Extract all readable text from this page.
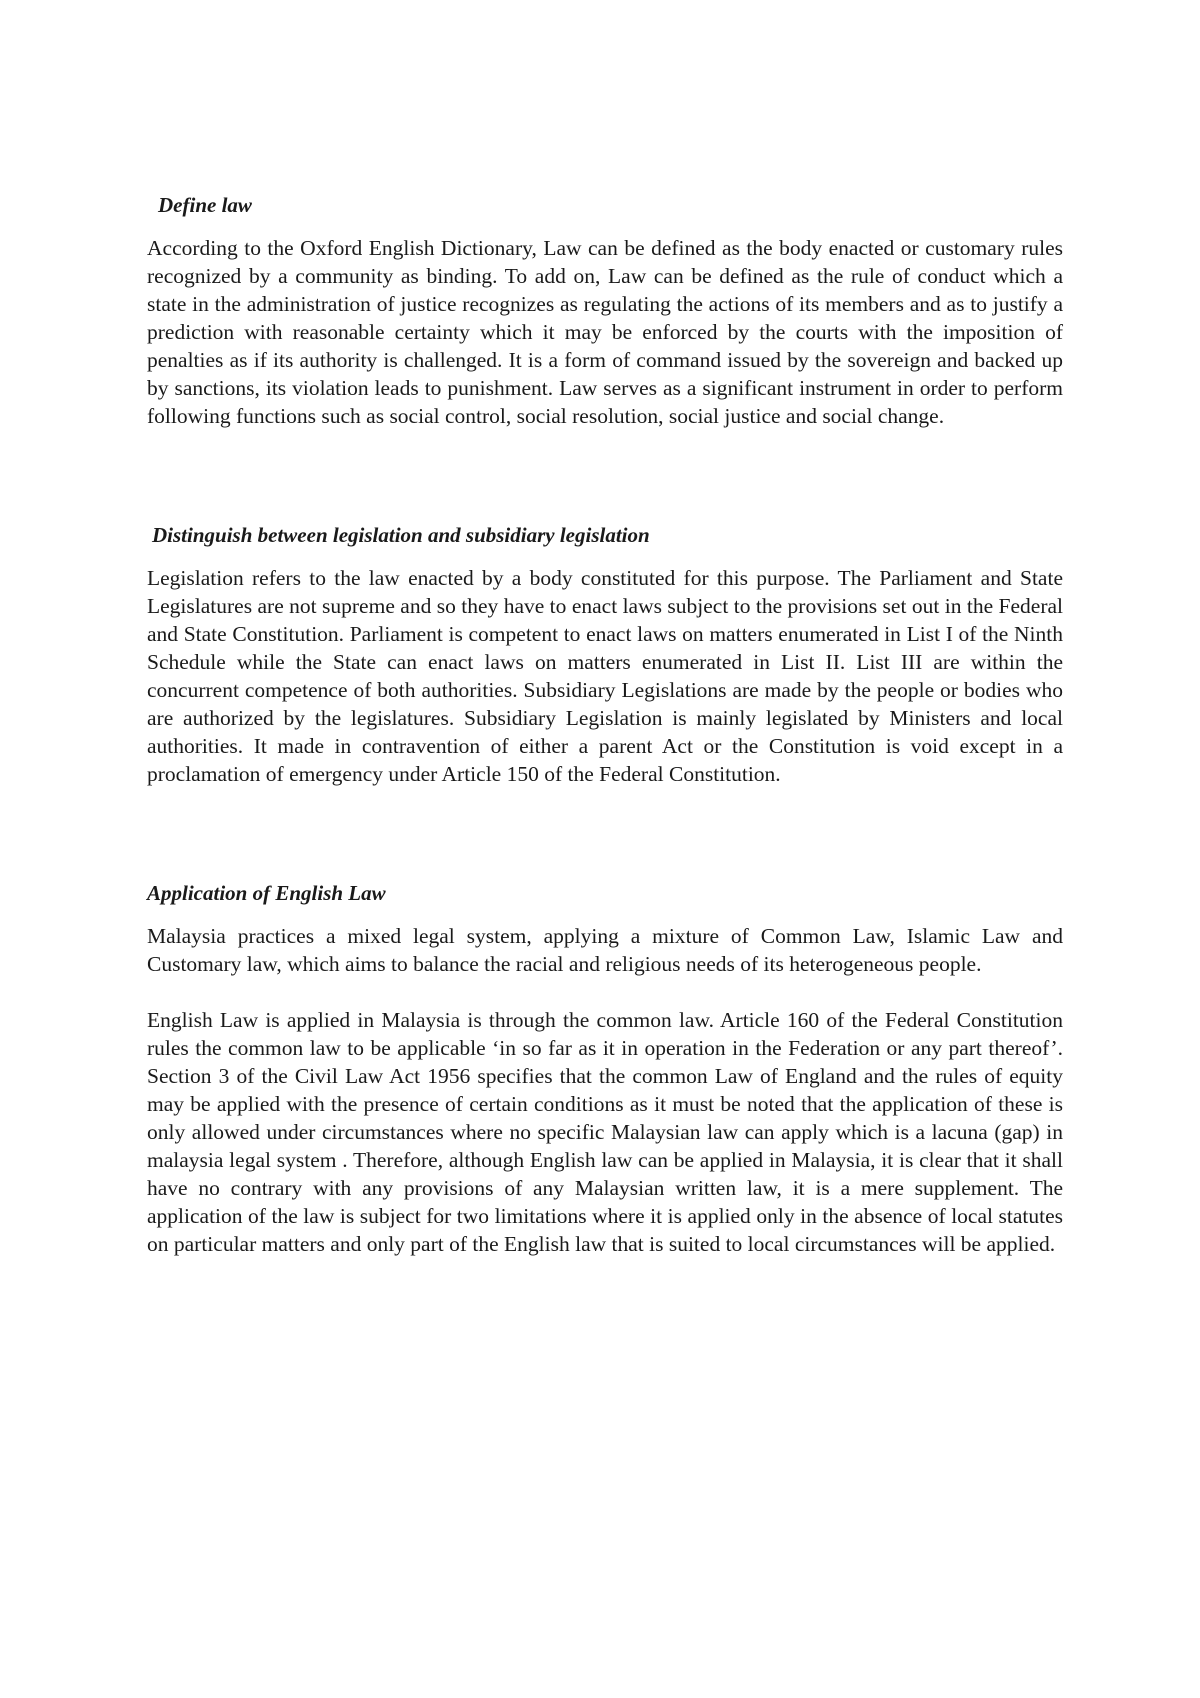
Define law

According to the Oxford English Dictionary, Law can be defined as the body enacted or customary rules recognized by a community as binding. To add on, Law can be defined as the rule of conduct which a state in the administration of justice recognizes as regulating the actions of its members and as to justify a prediction with reasonable certainty which it may be enforced by the courts with the imposition of penalties as if its authority is challenged. It is a form of command issued by the sovereign and backed up by sanctions, its violation leads to punishment. Law serves as a significant instrument in order to perform following functions such as social control, social resolution, social justice and social change.

Distinguish between legislation and subsidiary legislation

Legislation refers to the law enacted by a body constituted for this purpose. The Parliament and State Legislatures are not supreme and so they have to enact laws subject to the provisions set out in the Federal and State Constitution. Parliament is competent to enact laws on matters enumerated in List I of the Ninth Schedule while the State can enact laws on matters enumerated in List II. List III are within the concurrent competence of both authorities. Subsidiary Legislations are made by the people or bodies who are authorized by the legislatures. Subsidiary Legislation is mainly legislated by Ministers and local authorities. It made in contravention of either a parent Act or the Constitution is void except in a proclamation of emergency under Article 150 of the Federal Constitution.

Application of English Law

Malaysia practices a mixed legal system, applying a mixture of Common Law, Islamic Law and Customary law, which aims to balance the racial and religious needs of its heterogeneous people.

English Law is applied in Malaysia is through the common law. Article 160 of the Federal Constitution rules the common law to be applicable ‘in so far as it in operation in the Federation or any part thereof’. Section 3 of the Civil Law Act 1956 specifies that the common Law of England and the rules of equity may be applied with the presence of certain conditions as it must be noted that the application of these is only allowed under circumstances where no specific Malaysian law can apply which is a lacuna (gap) in malaysia legal system . Therefore, although English law can be applied in Malaysia, it is clear that it shall have no contrary with any provisions of any Malaysian written law, it is a mere supplement. The application of the law is subject for two limitations where it is applied only in the absence of local statutes on particular matters and only part of the English law that is suited to local circumstances will be applied.
